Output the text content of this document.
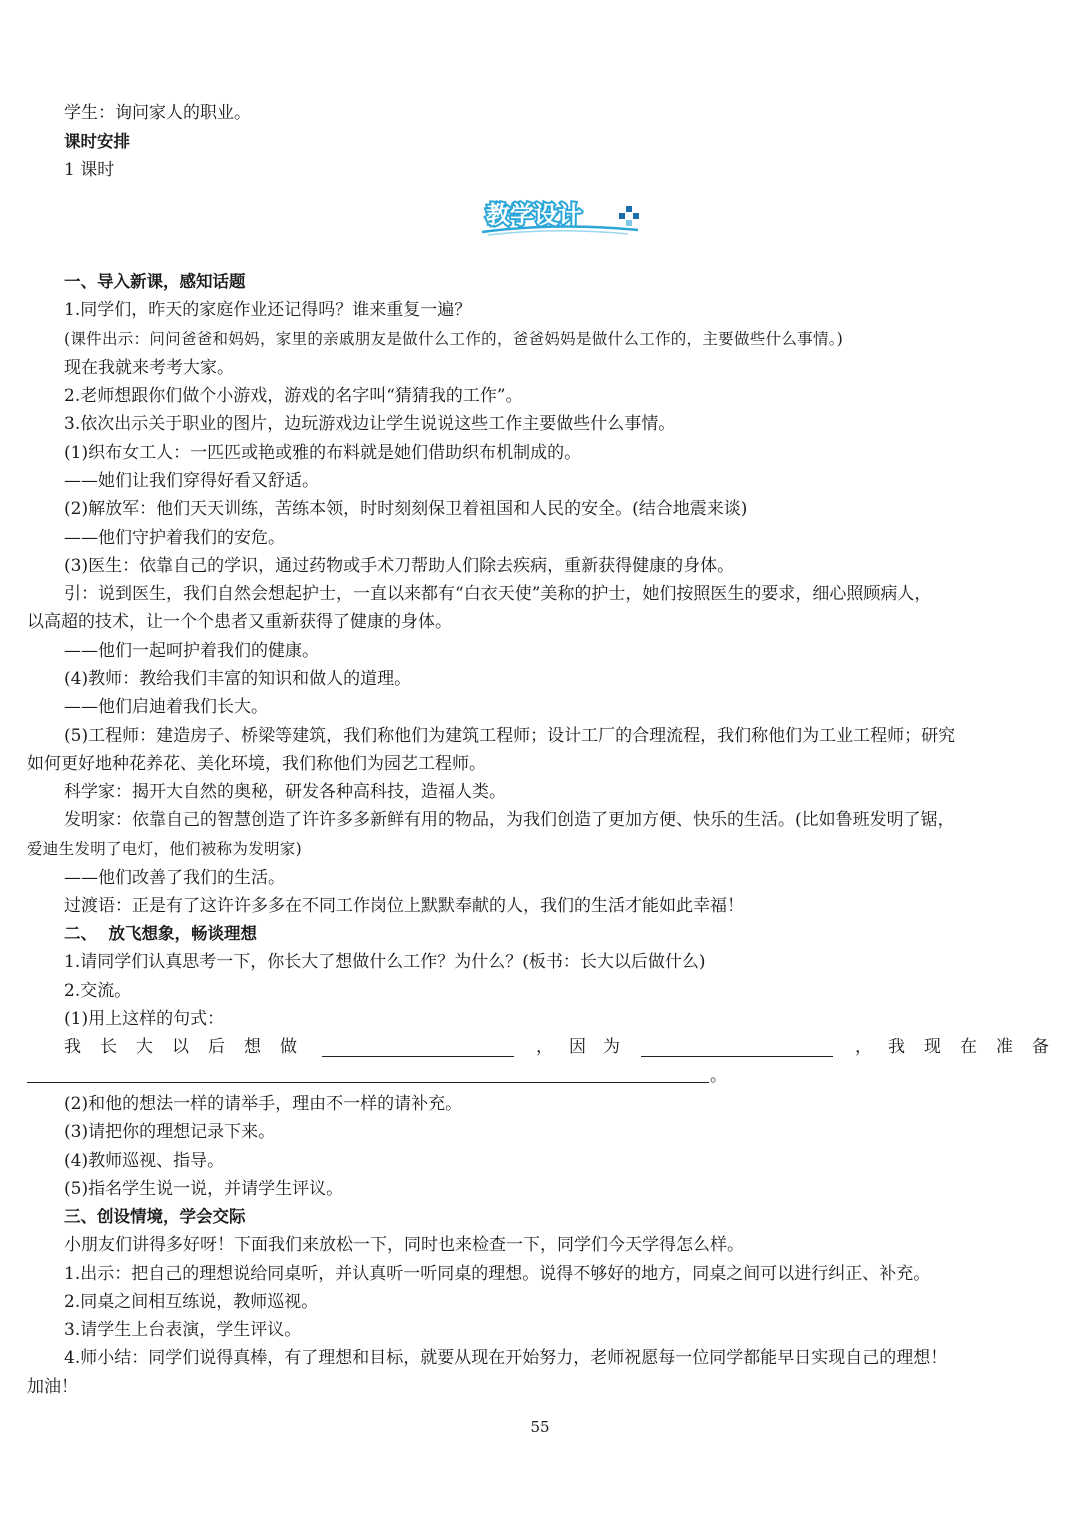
学生：询问家人的职业。
课时安排
1 课时
教学设计
一、导入新课，感知话题
1.同学们，昨天的家庭作业还记得吗？谁来重复一遍？
(课件出示：问问爸爸和妈妈，家里的亲戚朋友是做什么工作的，爸爸妈妈是做什么工作的，主要做些什么事情。)
现在我就来考考大家。
2.老师想跟你们做个小游戏，游戏的名字叫“猜猜我的工作”。
3.依次出示关于职业的图片，边玩游戏边让学生说说这些工作主要做些什么事情。
(1)织布女工人：一匹匹或艳或雅的布料就是她们借助织布机制成的。
——她们让我们穿得好看又舒适。
(2)解放军：他们天天训练，苦练本领，时时刻刻保卫着祖国和人民的安全。(结合地震来谈)
——他们守护着我们的安危。
(3)医生：依靠自己的学识，通过药物或手术刀帮助人们除去疾病，重新获得健康的身体。
引：说到医生，我们自然会想起护士，一直以来都有“白衣天使”美称的护士，她们按照医生的要求，细心照顾病人，
以高超的技术，让一个个患者又重新获得了健康的身体。
——他们一起呵护着我们的健康。
(4)教师：教给我们丰富的知识和做人的道理。
——他们启迪着我们长大。
(5)工程师：建造房子、桥梁等建筑，我们称他们为建筑工程师；设计工厂的合理流程，我们称他们为工业工程师；研究
如何更好地种花养花、美化环境，我们称他们为园艺工程师。
科学家：揭开大自然的奥秘，研发各种高科技，造福人类。
发明家：依靠自己的智慧创造了许许多多新鲜有用的物品，为我们创造了更加方便、快乐的生活。(比如鲁班发明了锯，
爱迪生发明了电灯，他们被称为发明家)
——他们改善了我们的生活。
过渡语：正是有了这许许多多在不同工作岗位上默默奉献的人，我们的生活才能如此幸福！
二、  放飞想象，畅谈理想
1.请同学们认真思考一下，你长大了想做什么工作？为什么？(板书：长大以后做什么)
2.交流。
(1)用上这样的句式：
我长大以后想做	， 因为	， 我现在准备
。
(2)和他的想法一样的请举手，理由不一样的请补充。
(3)请把你的理想记录下来。
(4)教师巡视、指导。
(5)指名学生说一说，并请学生评议。
三、创设情境，学会交际
小朋友们讲得多好呀！下面我们来放松一下，同时也来检查一下，同学们今天学得怎么样。
1.出示：把自己的理想说给同桌听，并认真听一听同桌的理想。说得不够好的地方，同桌之间可以进行纠正、补充。
2.同桌之间相互练说，教师巡视。
3.请学生上台表演，学生评议。
4.师小结：同学们说得真棒，有了理想和目标，就要从现在开始努力，老师祝愿每一位同学都能早日实现自己的理想！
加油！
55
